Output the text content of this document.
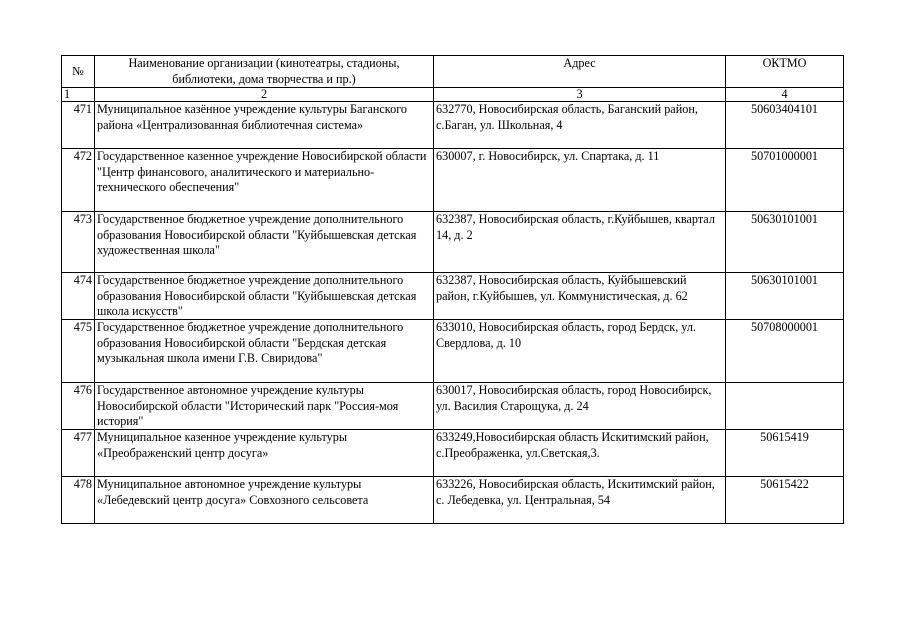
№	Наименование организации (кинотеатры, стадионы, библиотеки, дома творчества и пр.)	Адрес	ОКТМО
1	2	3	4
471	Муниципальное казённое учреждение культуры Баганского района «Централизованная библиотечная система»	632770, Новосибирская область, Баганский район, с.Баган, ул. Школьная, 4	50603404101
472	Государственное казенное учреждение Новосибирской области "Центр финансового, аналитического и материально-технического обеспечения"	630007, г. Новосибирск, ул. Спартака, д. 11	50701000001
473	Государственное бюджетное учреждение дополнительного образования Новосибирской области "Куйбышевская детская художественная школа"	632387, Новосибирская область, г.Куйбышев, квартал 14, д. 2	50630101001
474	Государственное бюджетное учреждение дополнительного образования Новосибирской области "Куйбышевская детская школа искусств"	632387, Новосибирская область, Куйбышевский район, г.Куйбышев, ул. Коммунистическая, д. 62	50630101001
475	Государственное бюджетное учреждение дополнительного образования Новосибирской области "Бердская детская музыкальная школа имени Г.В. Свиридова"	633010, Новосибирская область, город Бердск, ул. Свердлова, д. 10	50708000001
476	Государственное автономное учреждение культуры Новосибирской области "Исторический парк "Россия-моя история"	630017, Новосибирская область, город Новосибирск, ул. Василия Старощука, д. 24	
477	Муниципальное казенное учреждение культуры «Преображенский центр досуга»	633249,Новосибирская область Искитимский район, с.Преображенка, ул.Светская,3.	50615419
478	Муниципальное автономное учреждение культуры «Лебедевский центр досуга» Совхозного сельсовета	633226, Новосибирская область, Искитимский район, с. Лебедевка, ул. Центральная, 54	50615422
